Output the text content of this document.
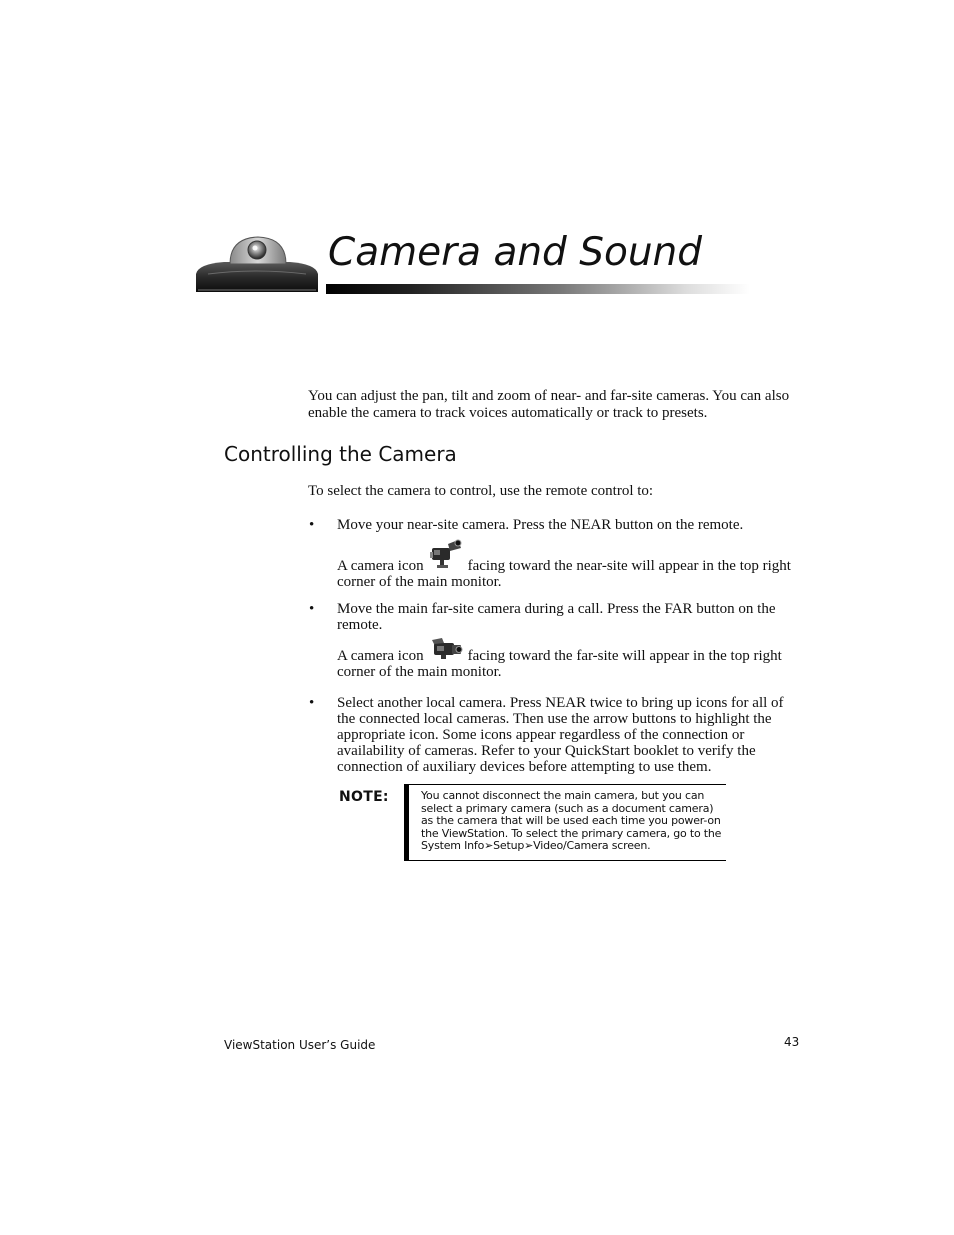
Camera and Sound
You can adjust the pan, tilt and zoom of near- and far-site cameras. You can also enable the camera to track voices automatically or track to presets.
Controlling the Camera
To select the camera to control, use the remote control to:
• Move your near-site camera. Press the NEAR button on the remote.
A camera icon	facing toward the near-site will appear in the top right corner of the main monitor.
• Move the main far-site camera during a call. Press the FAR button on the remote.
A camera icon	facing toward the far-site will appear in the top right corner of the main monitor.
• Select another local camera. Press NEAR twice to bring up icons for all of the connected local cameras. Then use the arrow buttons to highlight the appropriate icon. Some icons appear regardless of the connection or availability of cameras. Refer to your QuickStart booklet to verify the connection of auxiliary devices before attempting to use them.
NOTE:	You cannot disconnect the main camera, but you can select a primary camera (such as a document camera) as the camera that will be used each time you power-on the ViewStation. To select the primary camera, go to the System Info➢Setup➢Video/Camera screen.
ViewStation User’s Guide	43
